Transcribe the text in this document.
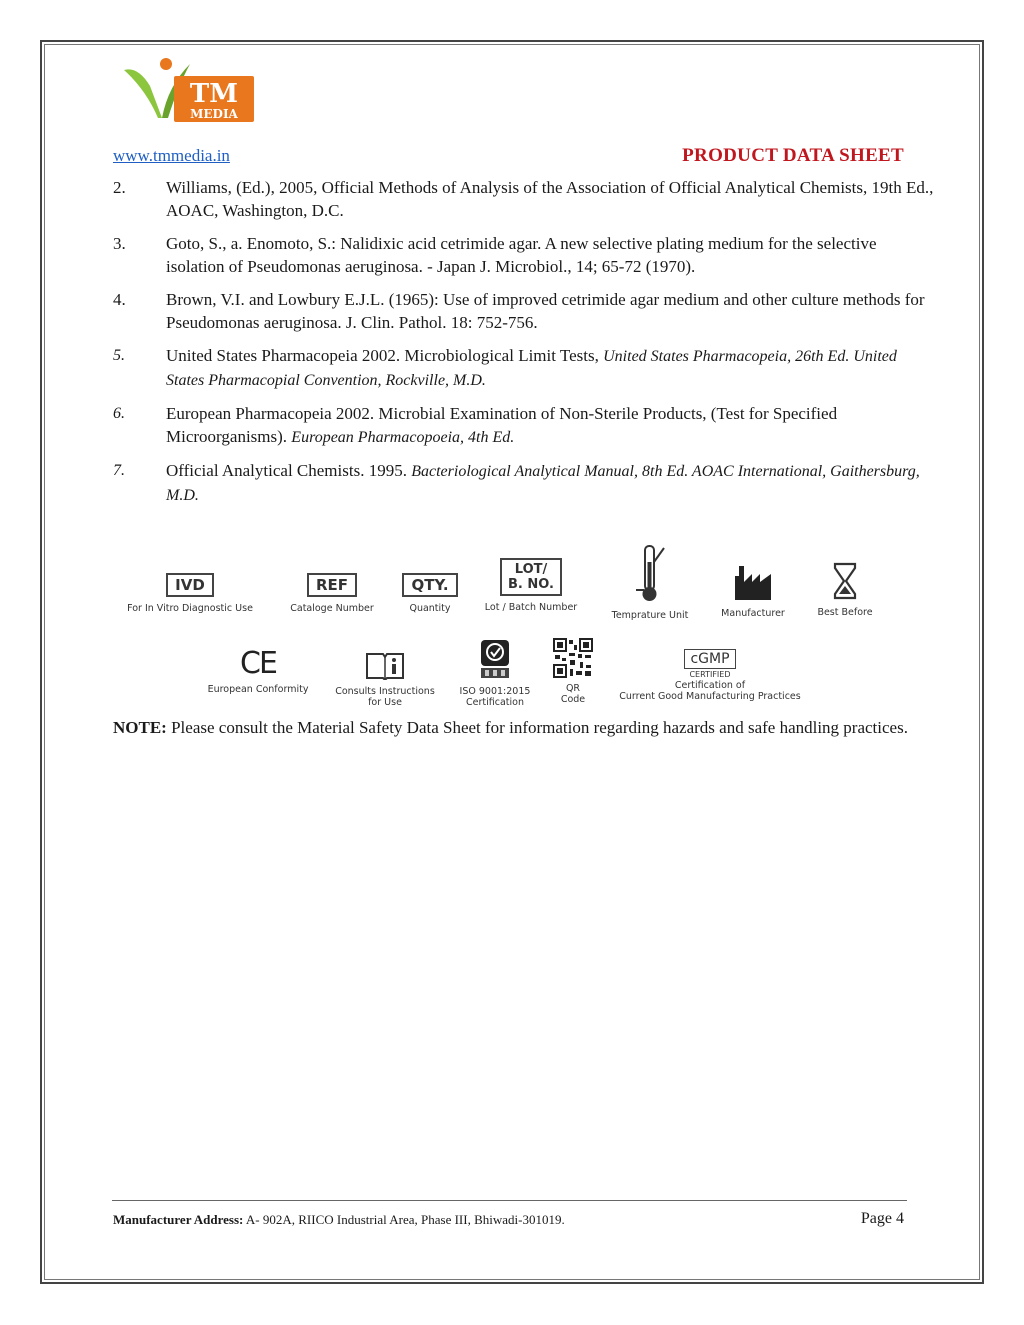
TM
MEDIA
www.tmmedia.in	PRODUCT DATA SHEET
2. Williams, (Ed.), 2005, Official Methods of Analysis of the Association of Official Analytical Chemists, 19th Ed., AOAC, Washington, D.C.
3. Goto, S., a. Enomoto, S.: Nalidixic acid cetrimide agar. A new selective plating medium for the selective isolation of Pseudomonas aeruginosa. - Japan J. Microbiol., 14; 65-72 (1970).
4. Brown, V.I. and Lowbury E.J.L. (1965): Use of improved cetrimide agar medium and other culture methods for Pseudomonas aeruginosa. J. Clin. Pathol. 18: 752-756.
5. United States Pharmacopeia 2002. Microbiological Limit Tests, United States Pharmacopeia, 26th Ed. United States Pharmacopial Convention, Rockville, M.D.
6. European Pharmacopeia 2002. Microbial Examination of Non-Sterile Products, (Test for Specified Microorganisms). European Pharmacopoeia, 4th Ed.
7. Official Analytical Chemists. 1995. Bacteriological Analytical Manual, 8th Ed. AOAC International, Gaithersburg, M.D.
IVD
For In Vitro Diagnostic Use
REF
Cataloge Number
QTY.
Quantity
LOT/
B. NO.
Lot / Batch Number
Temprature Unit	Manufacturer	Best Before
CE
European Conformity	Consults Instructions
for Use
ISO 9001:2015
Certification
QR
Code
cGMP
CERTIFIED
Certification of
Current Good Manufacturing Practices
NOTE: Please consult the Material Safety Data Sheet for information regarding hazards and safe handling practices.
Manufacturer Address: A- 902A, RIICO Industrial Area, Phase III, Bhiwadi-301019.	Page 4
